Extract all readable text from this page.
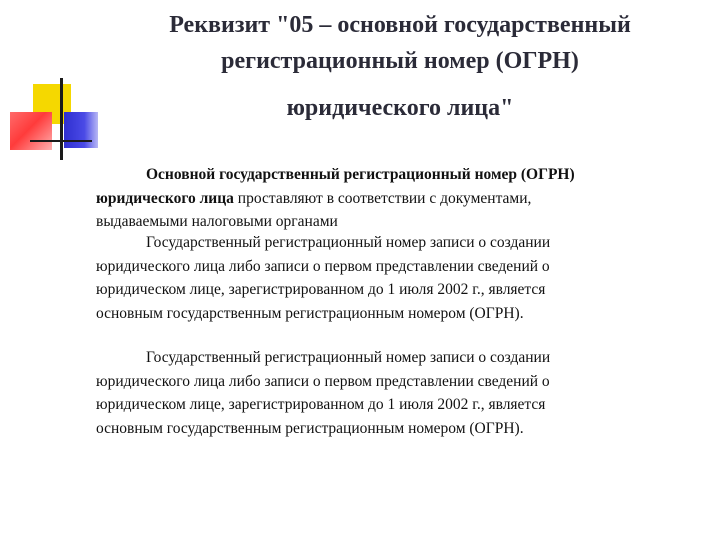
Реквизит "05 – основной государственный
регистрационный номер (ОГРН)
юридического лица"
Основной государственный регистрационный номер (ОГРН)
юридического лица проставляют в соответствии с документами,
выдаваемыми налоговыми органами
Государственный регистрационный номер записи о создании
юридического лица либо записи о первом представлении сведений о
юридическом лице, зарегистрированном до 1 июля 2002 г., является
основным государственным регистрационным номером (ОГРН).
Государственный регистрационный номер записи о создании
юридического лица либо записи о первом представлении сведений о
юридическом лице, зарегистрированном до 1 июля 2002 г., является
основным государственным регистрационным номером (ОГРН).
